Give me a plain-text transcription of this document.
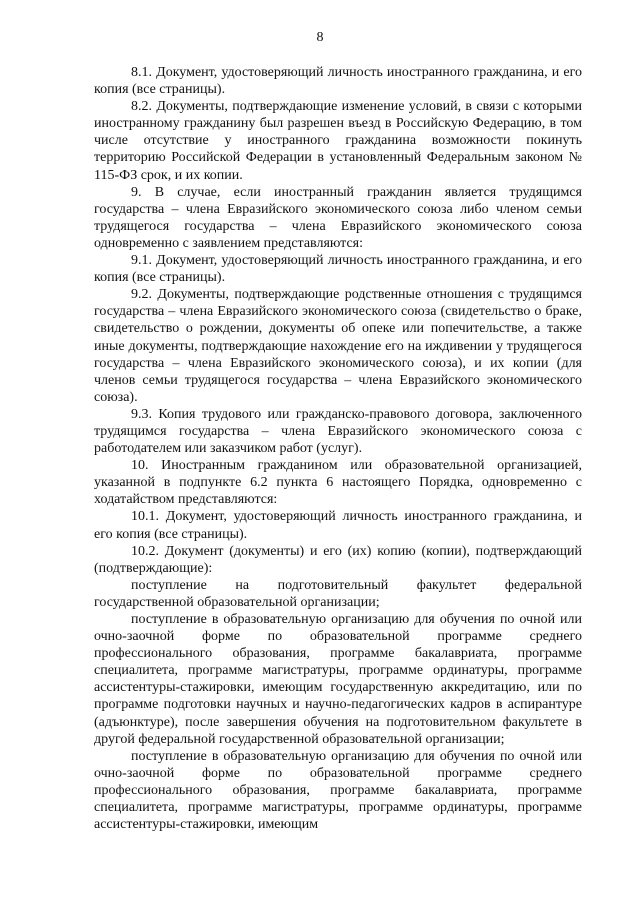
8

8.1. Документ, удостоверяющий личность иностранного гражданина, и его копия (все страницы).

8.2. Документы, подтверждающие изменение условий, в связи с которыми иностранному гражданину был разрешен въезд в Российскую Федерацию, в том числе отсутствие у иностранного гражданина возможности покинуть территорию Российской Федерации в установленный Федеральным законом № 115-ФЗ срок, и их копии.

9. В случае, если иностранный гражданин является трудящимся государства – члена Евразийского экономического союза либо членом семьи трудящегося государства – члена Евразийского экономического союза одновременно с заявлением представляются:

9.1. Документ, удостоверяющий личность иностранного гражданина, и его копия (все страницы).

9.2. Документы, подтверждающие родственные отношения с трудящимся государства – члена Евразийского экономического союза (свидетельство о браке, свидетельство о рождении, документы об опеке или попечительстве, а также иные документы, подтверждающие нахождение его на иждивении у трудящегося государства – члена Евразийского экономического союза), и их копии (для членов семьи трудящегося государства – члена Евразийского экономического союза).

9.3. Копия трудового или гражданско-правового договора, заключенного трудящимся государства – члена Евразийского экономического союза с работодателем или заказчиком работ (услуг).

10. Иностранным гражданином или образовательной организацией, указанной в подпункте 6.2 пункта 6 настоящего Порядка, одновременно с ходатайством представляются:

10.1. Документ, удостоверяющий личность иностранного гражданина, и его копия (все страницы).

10.2. Документ (документы) и его (их) копию (копии), подтверждающий (подтверждающие):

поступление на подготовительный факультет федеральной государственной образовательной организации;

поступление в образовательную организацию для обучения по очной или очно-заочной форме по образовательной программе среднего профессионального образования, программе бакалавриата, программе специалитета, программе магистратуры, программе ординатуры, программе ассистентуры-стажировки, имеющим государственную аккредитацию, или по программе подготовки научных и научно-педагогических кадров в аспирантуре (адъюнктуре), после завершения обучения на подготовительном факультете в другой федеральной государственной образовательной организации;

поступление в образовательную организацию для обучения по очной или очно-заочной форме по образовательной программе среднего профессионального образования, программе бакалавриата, программе специалитета, программе магистратуры, программе ординатуры, программе ассистентуры-стажировки, имеющим
